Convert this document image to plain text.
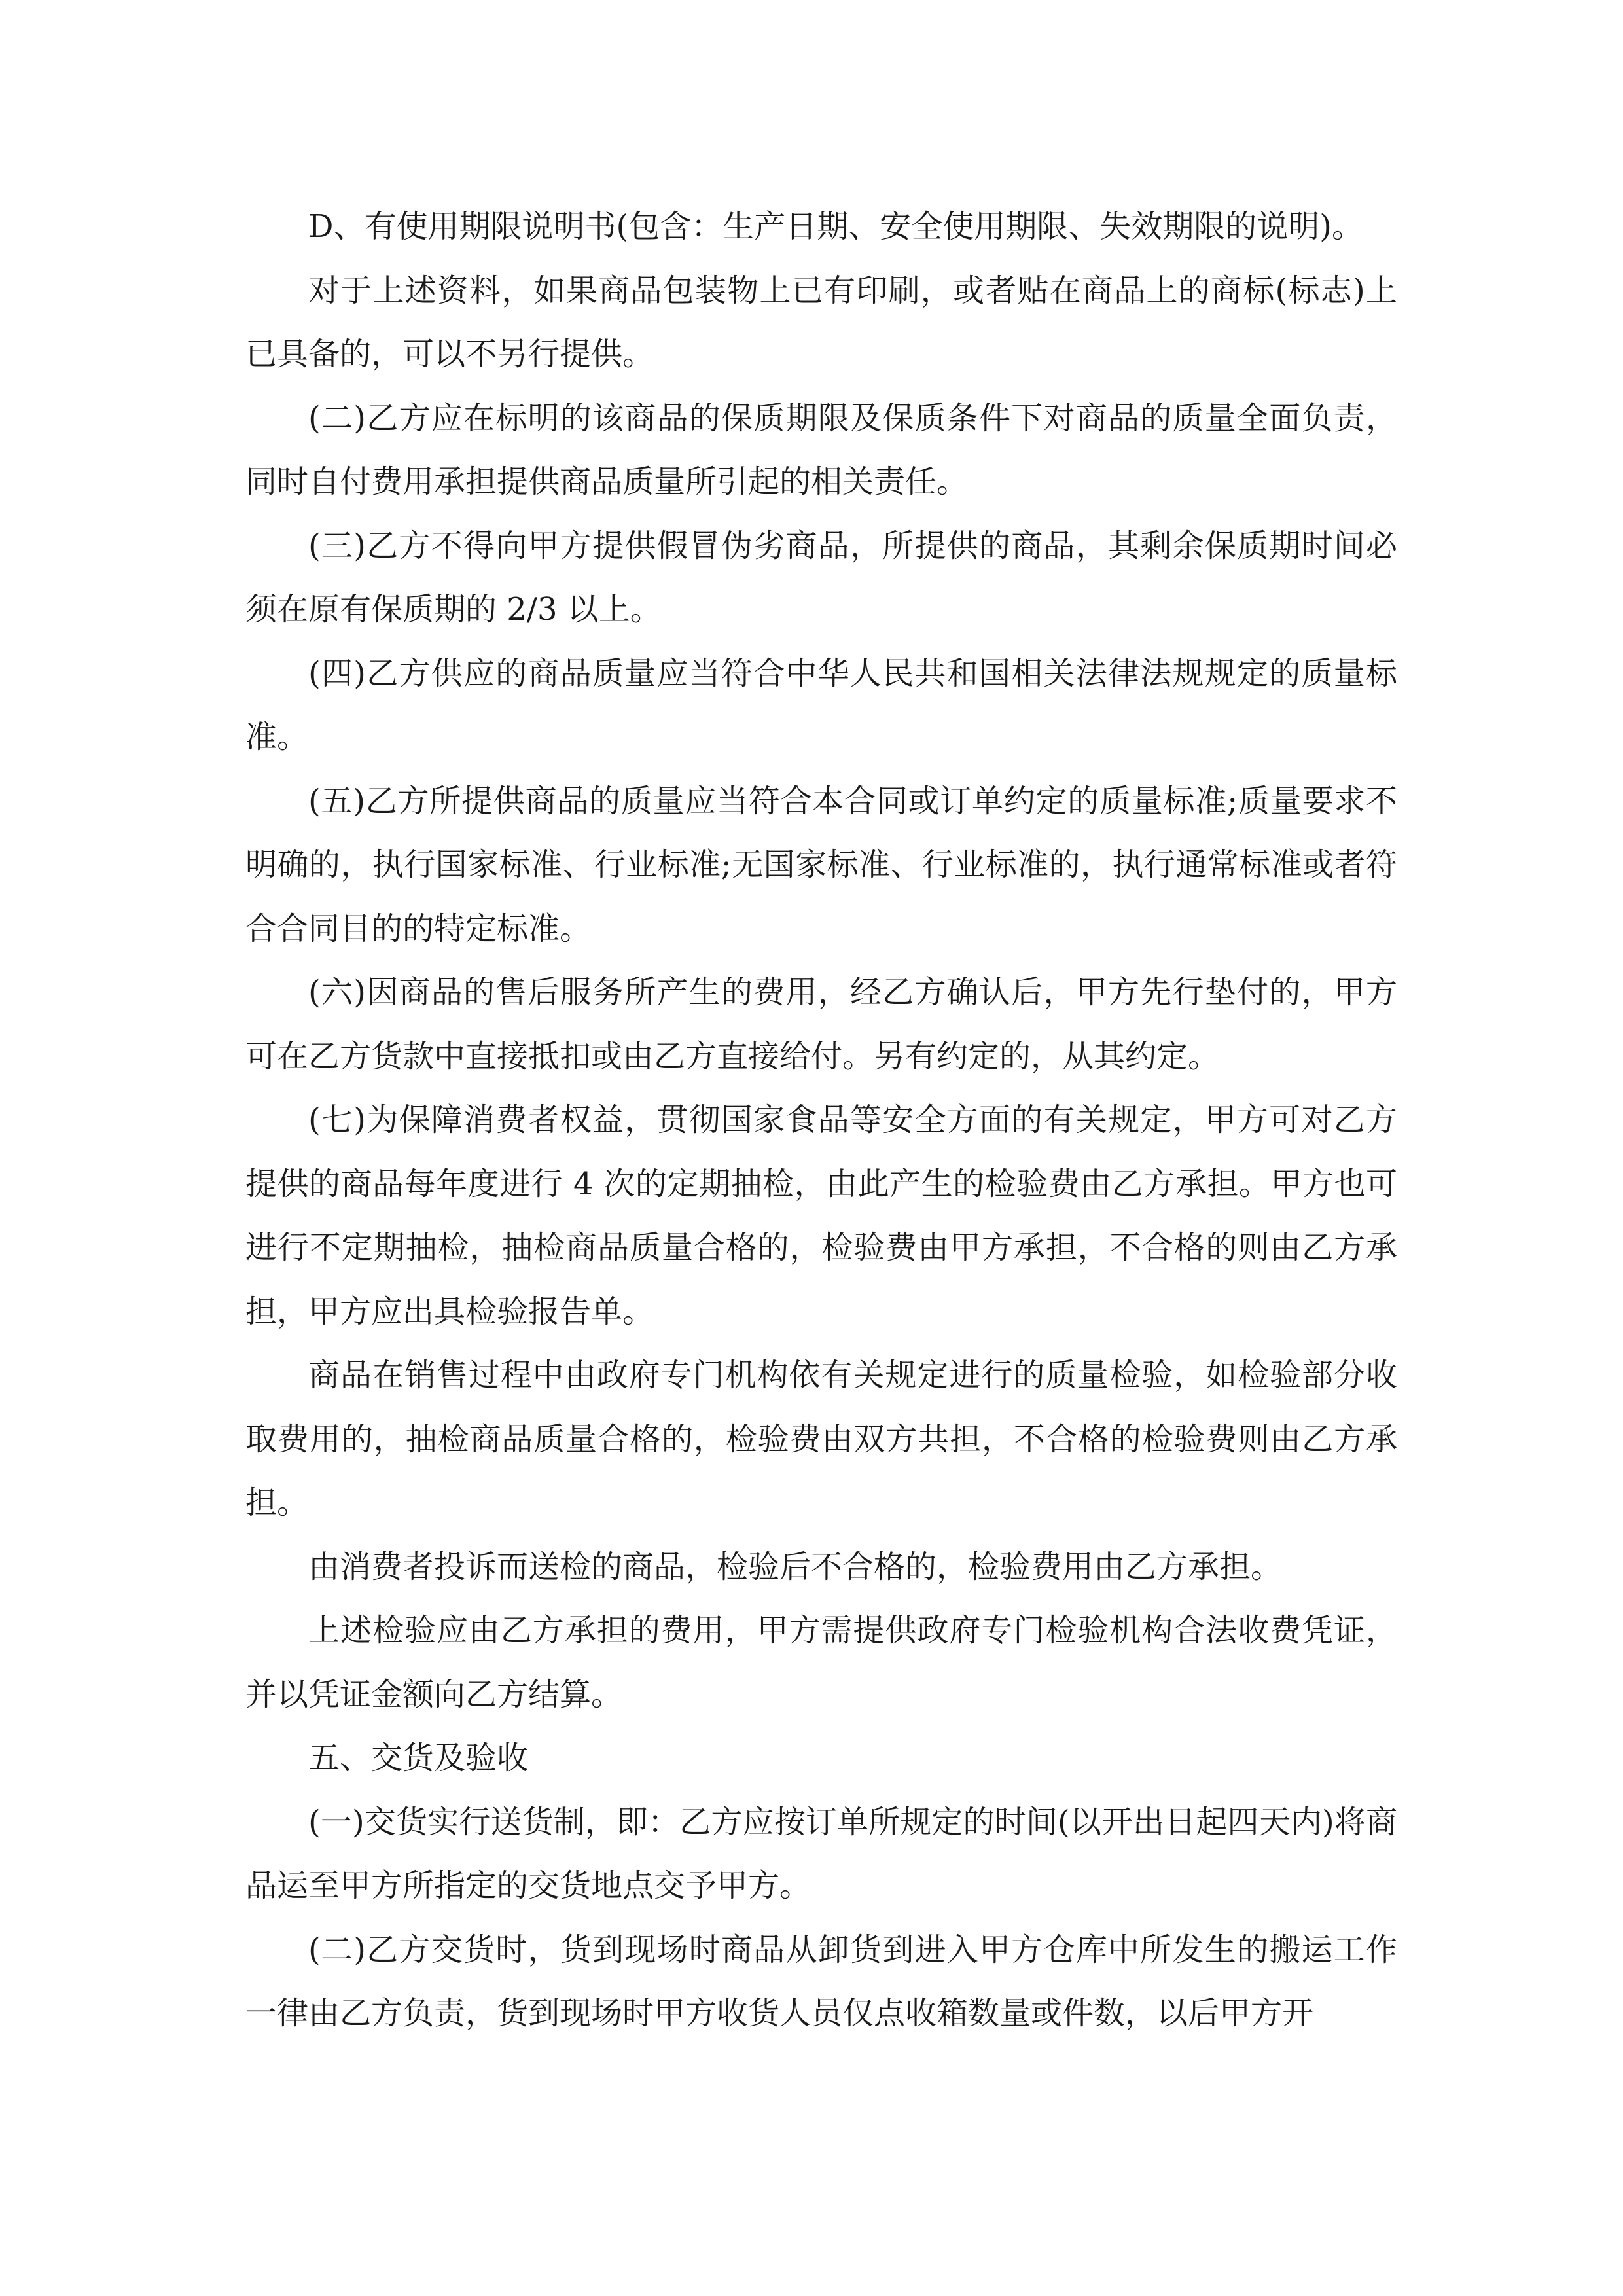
D、有使用期限说明书(包含：生产日期、安全使用期限、失效期限的说明)。

对于上述资料，如果商品包装物上已有印刷，或者贴在商品上的商标(标志)上已具备的，可以不另行提供。

(二)乙方应在标明的该商品的保质期限及保质条件下对商品的质量全面负责，同时自付费用承担提供商品质量所引起的相关责任。

(三)乙方不得向甲方提供假冒伪劣商品，所提供的商品，其剩余保质期时间必须在原有保质期的 2/3 以上。

(四)乙方供应的商品质量应当符合中华人民共和国相关法律法规规定的质量标准。

(五)乙方所提供商品的质量应当符合本合同或订单约定的质量标准;质量要求不明确的，执行国家标准、行业标准;无国家标准、行业标准的，执行通常标准或者符合合同目的的特定标准。

(六)因商品的售后服务所产生的费用，经乙方确认后，甲方先行垫付的，甲方可在乙方货款中直接抵扣或由乙方直接给付。另有约定的，从其约定。

(七)为保障消费者权益，贯彻国家食品等安全方面的有关规定，甲方可对乙方提供的商品每年度进行 4 次的定期抽检，由此产生的检验费由乙方承担。甲方也可进行不定期抽检，抽检商品质量合格的，检验费由甲方承担，不合格的则由乙方承担，甲方应出具检验报告单。

商品在销售过程中由政府专门机构依有关规定进行的质量检验，如检验部分收取费用的，抽检商品质量合格的，检验费由双方共担，不合格的检验费则由乙方承担。

由消费者投诉而送检的商品，检验后不合格的，检验费用由乙方承担。

上述检验应由乙方承担的费用，甲方需提供政府专门检验机构合法收费凭证，并以凭证金额向乙方结算。

五、交货及验收

(一)交货实行送货制，即：乙方应按订单所规定的时间(以开出日起四天内)将商品运至甲方所指定的交货地点交予甲方。

(二)乙方交货时，货到现场时商品从卸货到进入甲方仓库中所发生的搬运工作一律由乙方负责，货到现场时甲方收货人员仅点收箱数量或件数，以后甲方开
